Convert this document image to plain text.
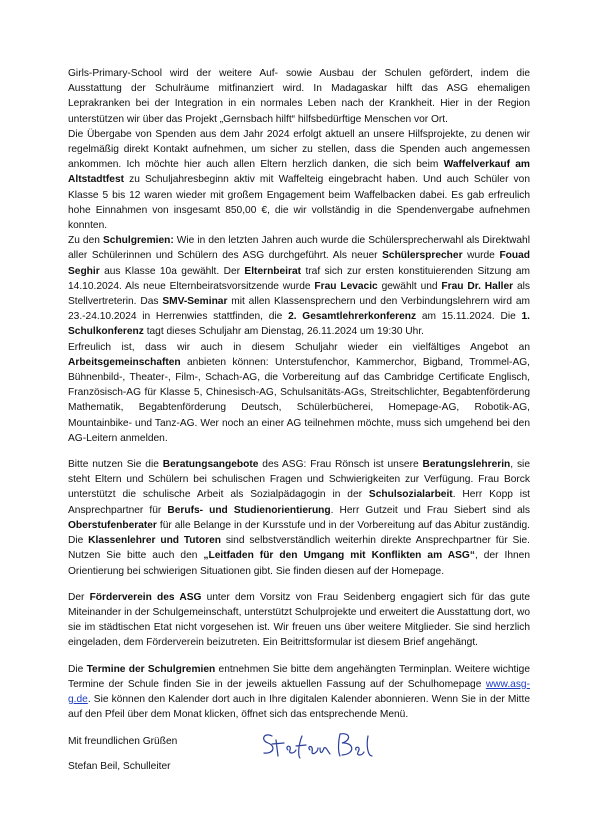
Girls-Primary-School wird der weitere Auf- sowie Ausbau der Schulen gefördert, indem die Ausstattung der Schulräume mitfinanziert wird. In Madagaskar hilft das ASG ehemaligen Leprakranken bei der Integration in ein normales Leben nach der Krankheit. Hier in der Region unterstützen wir über das Projekt „Gernsbach hilft“ hilfsbedürftige Menschen vor Ort.

Die Übergabe von Spenden aus dem Jahr 2024 erfolgt aktuell an unsere Hilfsprojekte, zu denen wir regelmäßig direkt Kontakt aufnehmen, um sicher zu stellen, dass die Spenden auch angemessen ankommen. Ich möchte hier auch allen Eltern herzlich danken, die sich beim Waffelverkauf am Altstadtfest zu Schuljahresbeginn aktiv mit Waffelteig eingebracht haben. Und auch Schüler von Klasse 5 bis 12 waren wieder mit großem Engagement beim Waffelbacken dabei. Es gab erfreulich hohe Einnahmen von insgesamt 850,00 €, die wir vollständig in die Spendenvergabe aufnehmen konnten.

Zu den Schulgremien: Wie in den letzten Jahren auch wurde die Schülersprecherwahl als Direktwahl aller Schülerinnen und Schülern des ASG durchgeführt. Als neuer Schülersprecher wurde Fouad Seghir aus Klasse 10a gewählt. Der Elternbeirat traf sich zur ersten konstituierenden Sitzung am 14.10.2024. Als neue Elternbeiratsvorsitzende wurde Frau Levacic gewählt und Frau Dr. Haller als Stellvertreterin. Das SMV-Seminar mit allen Klassensprechern und den Verbindungslehrern wird am 23.-24.10.2024 in Herrenwies stattfinden, die 2. Gesamtlehrerkonferenz am 15.11.2024. Die 1. Schulkonferenz tagt dieses Schuljahr am Dienstag, 26.11.2024 um 19:30 Uhr.

Erfreulich ist, dass wir auch in diesem Schuljahr wieder ein vielfältiges Angebot an Arbeitsgemeinschaften anbieten können: Unterstufenchor, Kammerchor, Bigband, Trommel-AG, Bühnenbild-, Theater-, Film-, Schach-AG, die Vorbereitung auf das Cambridge Certificate Englisch, Französisch-AG für Klasse 5, Chinesisch-AG, Schulsanitäts-AGs, Streitschlichter, Begabtenförderung Mathematik, Begabtenförderung Deutsch, Schülerbücherei, Homepage-AG, Robotik-AG, Mountainbike- und Tanz-AG. Wer noch an einer AG teilnehmen möchte, muss sich umgehend bei den AG-Leitern anmelden.

Bitte nutzen Sie die Beratungsangebote des ASG: Frau Rönsch ist unsere Beratungslehrerin, sie steht Eltern und Schülern bei schulischen Fragen und Schwierigkeiten zur Verfügung. Frau Borck unterstützt die schulische Arbeit als Sozialpädagogin in der Schulsozialarbeit. Herr Kopp ist Ansprechpartner für Berufs- und Studienorientierung. Herr Gutzeit und Frau Siebert sind als Oberstufenberater für alle Belange in der Kursstufe und in der Vorbereitung auf das Abitur zuständig. Die Klassenlehrer und Tutoren sind selbstverständlich weiterhin direkte Ansprechpartner für Sie. Nutzen Sie bitte auch den „Leitfaden für den Umgang mit Konflikten am ASG“, der Ihnen Orientierung bei schwierigen Situationen gibt. Sie finden diesen auf der Homepage.

Der Förderverein des ASG unter dem Vorsitz von Frau Seidenberg engagiert sich für das gute Miteinander in der Schulgemeinschaft, unterstützt Schulprojekte und erweitert die Ausstattung dort, wo sie im städtischen Etat nicht vorgesehen ist. Wir freuen uns über weitere Mitglieder. Sie sind herzlich eingeladen, dem Förderverein beizutreten. Ein Beitrittsformular ist diesem Brief angehängt.

Die Termine der Schulgremien entnehmen Sie bitte dem angehängten Terminplan. Weitere wichtige Termine der Schule finden Sie in der jeweils aktuellen Fassung auf der Schulhomepage www.asg-g.de. Sie können den Kalender dort auch in Ihre digitalen Kalender abonnieren. Wenn Sie in der Mitte auf den Pfeil über dem Monat klicken, öffnet sich das entsprechende Menü.

Mit freundlichen Grüßen
Stefan Beil, Schulleiter
